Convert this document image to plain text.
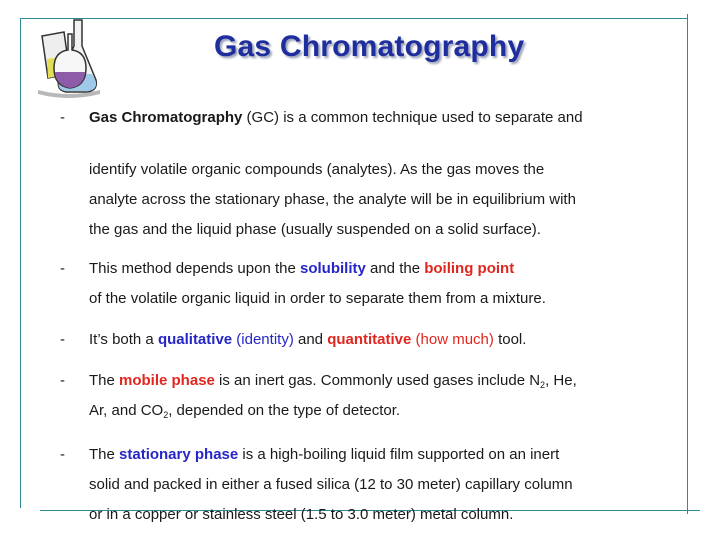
Gas Chromatography
- Gas Chromatography (GC) is a common technique used to separate and
identify volatile organic compounds (analytes). As the gas moves the
analyte across the stationary phase, the analyte will be in equilibrium with
the gas and the liquid phase (usually suspended on a solid surface).
- This method depends upon the solubility and the boiling point
of the volatile organic liquid in order to separate them from a mixture.
- It’s both a qualitative (identity) and quantitative (how much) tool.
- The mobile phase is an inert gas. Commonly used gases include $N_2$, He,
Ar, and $CO_2$, depended on the type of detector.
- The stationary phase is a high-boiling liquid film supported on an inert
solid and packed in either a fused silica (12 to 30 meter) capillary column
or in a copper or stainless steel (1.5 to 3.0 meter) metal column.
